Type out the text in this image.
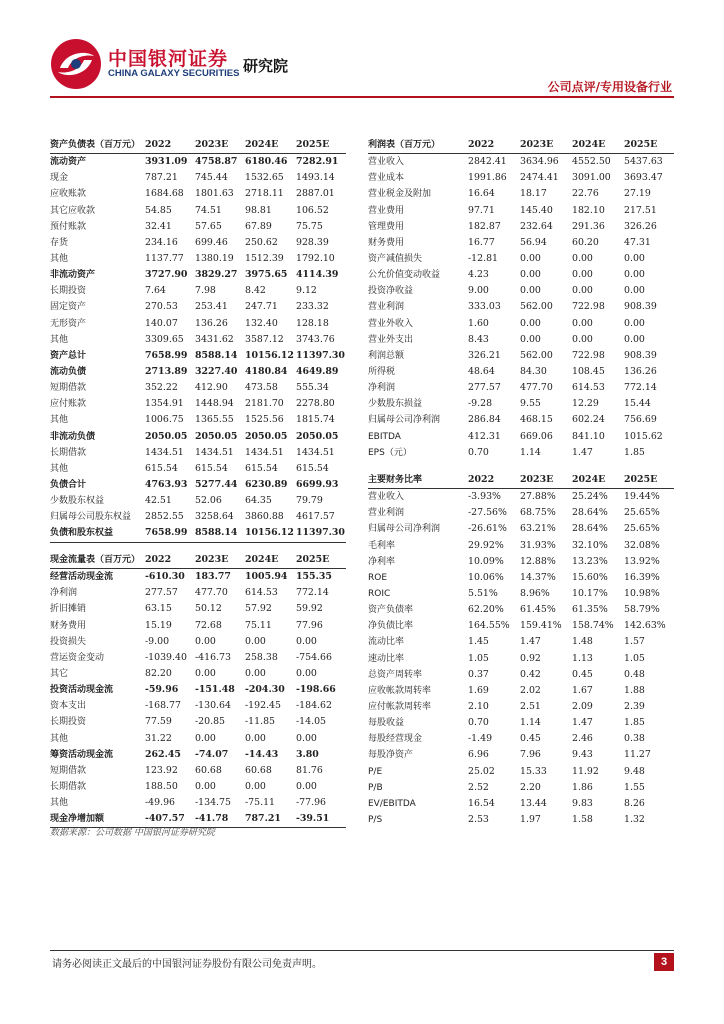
中国银河证券
CHINA GALAXY SECURITIES 研究院
公司点评/专用设备行业
资产负债表（百万元）	2022	2023E	2024E	2025E
流动资产	3931.09	4758.87	6180.46	7282.91
现金	787.21	745.44	1532.65	1493.14
应收账款	1684.68	1801.63	2718.11	2887.01
其它应收款	54.85	74.51	98.81	106.52
预付账款	32.41	57.65	67.89	75.75
存货	234.16	699.46	250.62	928.39
其他	1137.77	1380.19	1512.39	1792.10
非流动资产	3727.90	3829.27	3975.65	4114.39
长期投资	7.64	7.98	8.42	9.12
固定资产	270.53	253.41	247.71	233.32
无形资产	140.07	136.26	132.40	128.18
其他	3309.65	3431.62	3587.12	3743.76
资产总计	7658.99	8588.14	10156.12	11397.30
流动负债	2713.89	3227.40	4180.84	4649.89
短期借款	352.22	412.90	473.58	555.34
应付账款	1354.91	1448.94	2181.70	2278.80
其他	1006.75	1365.55	1525.56	1815.74
非流动负债	2050.05	2050.05	2050.05	2050.05
长期借款	1434.51	1434.51	1434.51	1434.51
其他	615.54	615.54	615.54	615.54
负债合计	4763.93	5277.44	6230.89	6699.93
少数股东权益	42.51	52.06	64.35	79.79
归属母公司股东权益	2852.55	3258.64	3860.88	4617.57
负债和股东权益	7658.99	8588.14	10156.12	11397.30
利润表（百万元）	2022	2023E	2024E	2025E
营业收入	2842.41	3634.96	4552.50	5437.63
营业成本	1991.86	2474.41	3091.00	3693.47
营业税金及附加	16.64	18.17	22.76	27.19
营业费用	97.71	145.40	182.10	217.51
管理费用	182.87	232.64	291.36	326.26
财务费用	16.77	56.94	60.20	47.31
资产减值损失	-12.81	0.00	0.00	0.00
公允价值变动收益	4.23	0.00	0.00	0.00
投资净收益	9.00	0.00	0.00	0.00
营业利润	333.03	562.00	722.98	908.39
营业外收入	1.60	0.00	0.00	0.00
营业外支出	8.43	0.00	0.00	0.00
利润总额	326.21	562.00	722.98	908.39
所得税	48.64	84.30	108.45	136.26
净利润	277.57	477.70	614.53	772.14
少数股东损益	-9.28	9.55	12.29	15.44
归属母公司净利润	286.84	468.15	602.24	756.69
EBITDA	412.31	669.06	841.10	1015.62
EPS（元）	0.70	1.14	1.47	1.85
主要财务比率	2022	2023E	2024E	2025E
营业收入	-3.93%	27.88%	25.24%	19.44%
营业利润	-27.56%	68.75%	28.64%	25.65%
归属母公司净利润	-26.61%	63.21%	28.64%	25.65%
毛利率	29.92%	31.93%	32.10%	32.08%
净利率	10.09%	12.88%	13.23%	13.92%
ROE	10.06%	14.37%	15.60%	16.39%
ROIC	5.51%	8.96%	10.17%	10.98%
资产负债率	62.20%	61.45%	61.35%	58.79%
净负债比率	164.55%	159.41%	158.74%	142.63%
流动比率	1.45	1.47	1.48	1.57
速动比率	1.05	0.92	1.13	1.05
总资产周转率	0.37	0.42	0.45	0.48
应收帐款周转率	1.69	2.02	1.67	1.88
应付帐款周转率	2.10	2.51	2.09	2.39
每股收益	0.70	1.14	1.47	1.85
每股经营现金	-1.49	0.45	2.46	0.38
每股净资产	6.96	7.96	9.43	11.27
P/E	25.02	15.33	11.92	9.48
P/B	2.52	2.20	1.86	1.55
EV/EBITDA	16.54	13.44	9.83	8.26
P/S	2.53	1.97	1.58	1.32
现金流量表（百万元）	2022	2023E	2024E	2025E
经营活动现金流	-610.30	183.77	1005.94	155.35
净利润	277.57	477.70	614.53	772.14
折旧摊销	63.15	50.12	57.92	59.92
财务费用	15.19	72.68	75.11	77.96
投资损失	-9.00	0.00	0.00	0.00
营运资金变动	-1039.40	-416.73	258.38	-754.66
其它	82.20	0.00	0.00	0.00
投资活动现金流	-59.96	-151.48	-204.30	-198.66
资本支出	-168.77	-130.64	-192.45	-184.62
长期投资	77.59	-20.85	-11.85	-14.05
其他	31.22	0.00	0.00	0.00
筹资活动现金流	262.45	-74.07	-14.43	3.80
短期借款	123.92	60.68	60.68	81.76
长期借款	188.50	0.00	0.00	0.00
其他	-49.96	-134.75	-75.11	-77.96
现金净增加额	-407.57	-41.78	787.21	-39.51
数据来源：公司数据 中国银河证券研究院
请务必阅读正文最后的中国银河证券股份有限公司免责声明。	3
